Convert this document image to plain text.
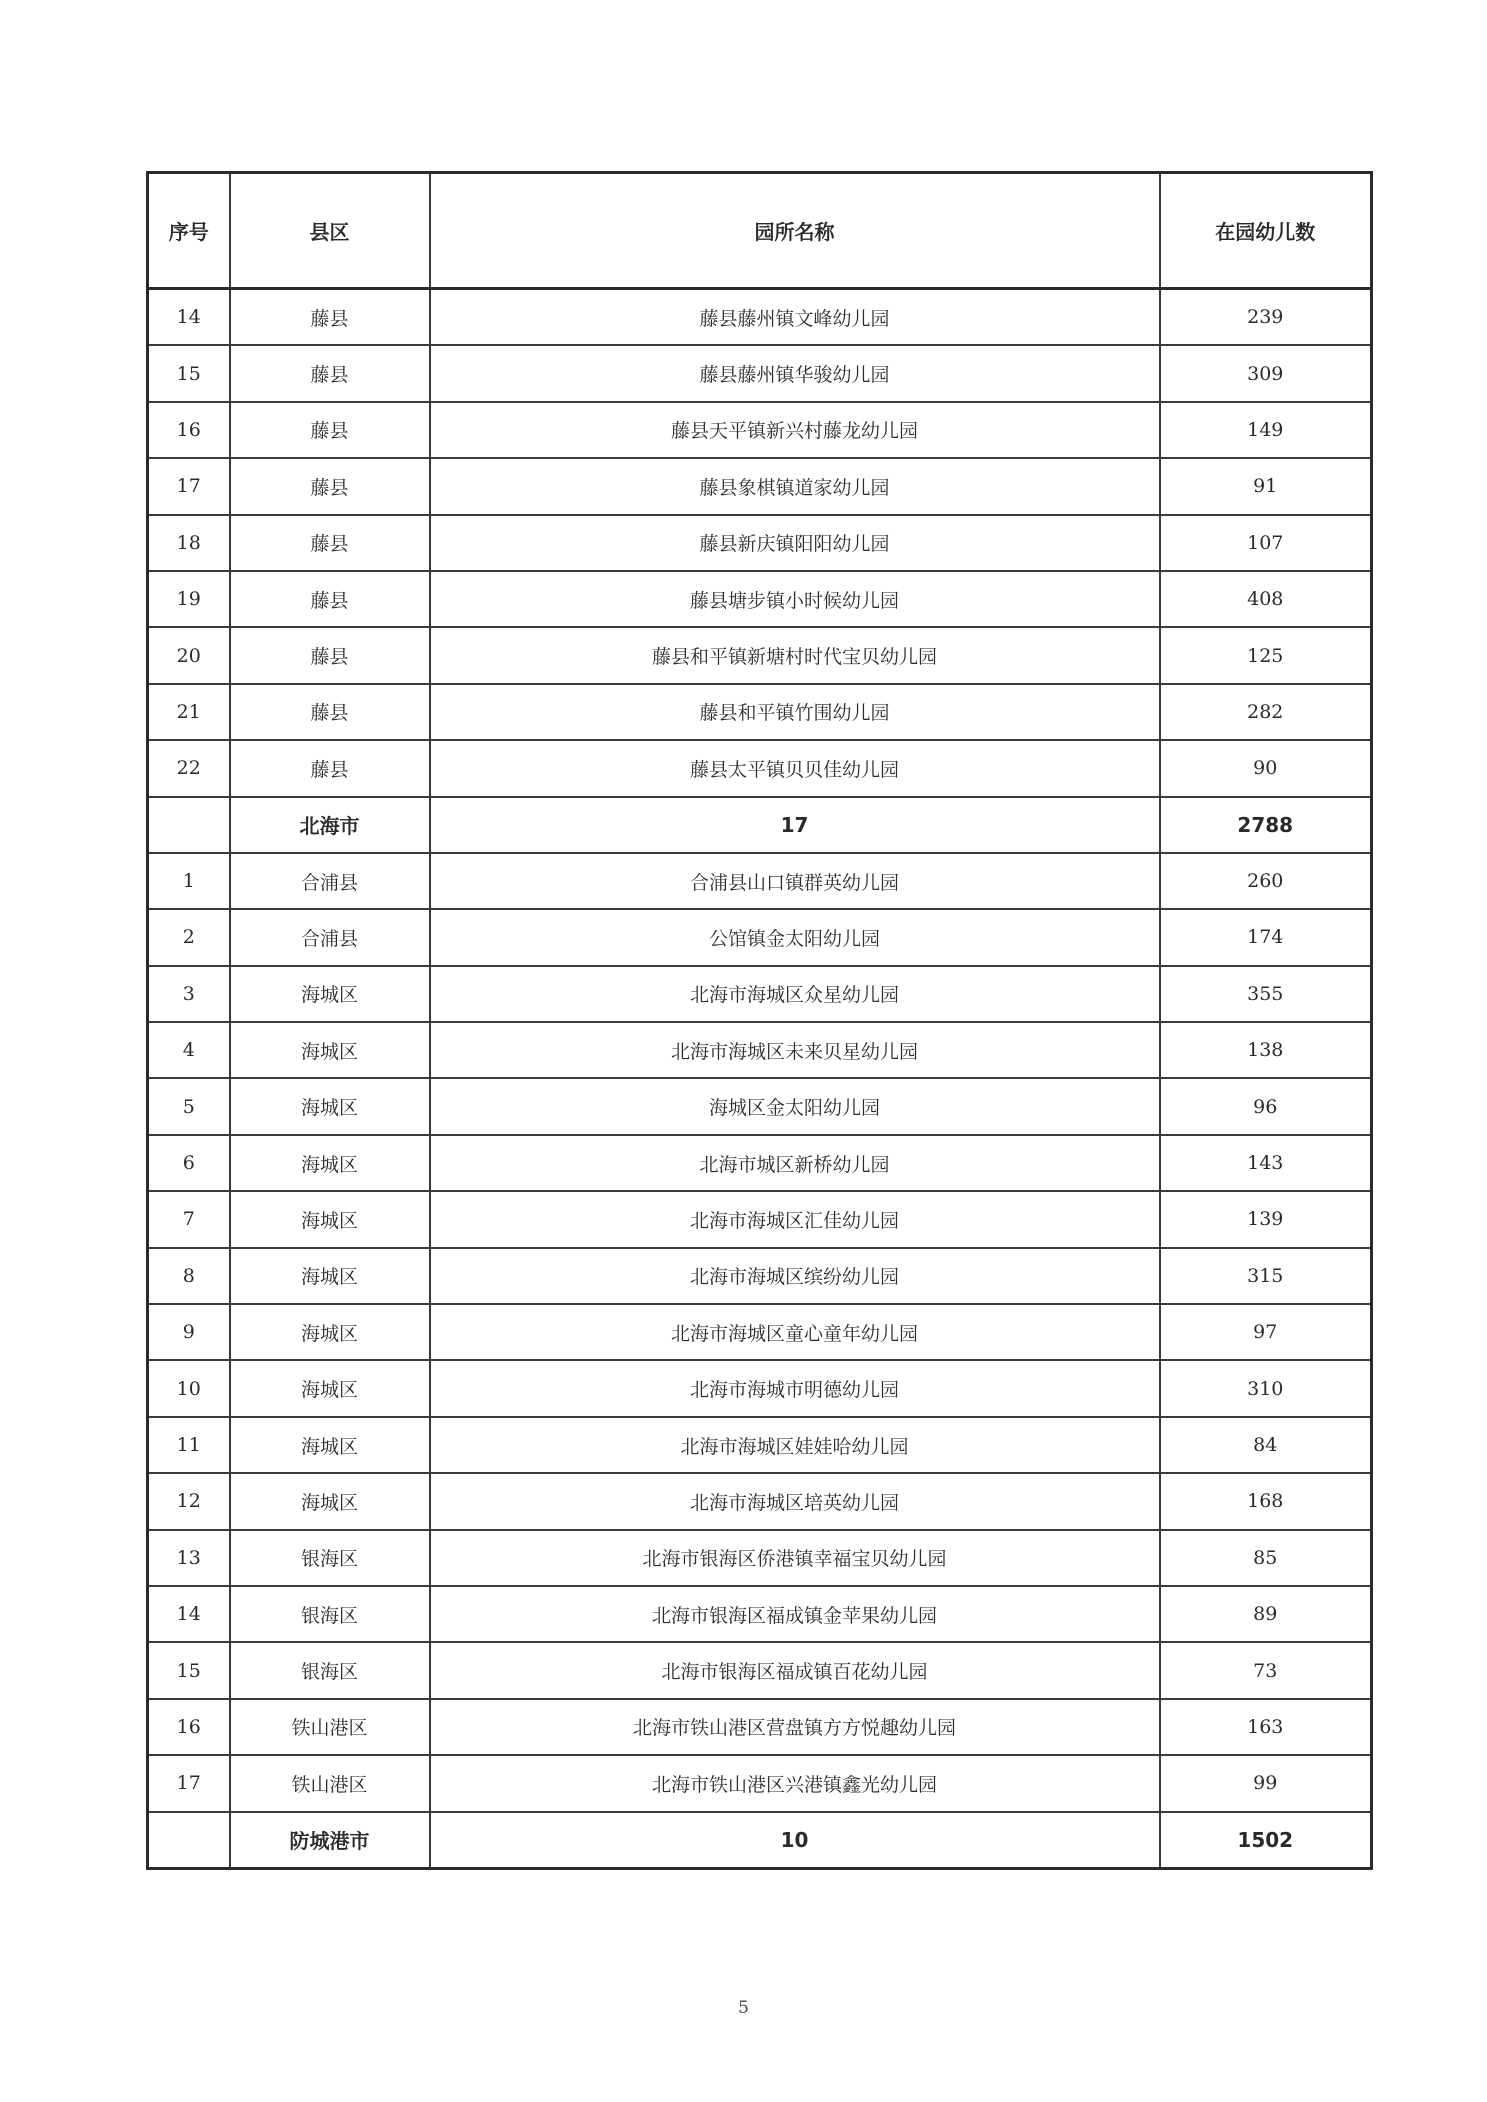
序号	县区	园所名称	在园幼儿数
14	藤县	藤县藤州镇文峰幼儿园	239
15	藤县	藤县藤州镇华骏幼儿园	309
16	藤县	藤县天平镇新兴村藤龙幼儿园	149
17	藤县	藤县象棋镇道家幼儿园	91
18	藤县	藤县新庆镇阳阳幼儿园	107
19	藤县	藤县塘步镇小时候幼儿园	408
20	藤县	藤县和平镇新塘村时代宝贝幼儿园	125
21	藤县	藤县和平镇竹围幼儿园	282
22	藤县	藤县太平镇贝贝佳幼儿园	90
	北海市	17	2788
1	合浦县	合浦县山口镇群英幼儿园	260
2	合浦县	公馆镇金太阳幼儿园	174
3	海城区	北海市海城区众星幼儿园	355
4	海城区	北海市海城区未来贝星幼儿园	138
5	海城区	海城区金太阳幼儿园	96
6	海城区	北海市城区新桥幼儿园	143
7	海城区	北海市海城区汇佳幼儿园	139
8	海城区	北海市海城区缤纷幼儿园	315
9	海城区	北海市海城区童心童年幼儿园	97
10	海城区	北海市海城市明德幼儿园	310
11	海城区	北海市海城区娃娃哈幼儿园	84
12	海城区	北海市海城区培英幼儿园	168
13	银海区	北海市银海区侨港镇幸福宝贝幼儿园	85
14	银海区	北海市银海区福成镇金苹果幼儿园	89
15	银海区	北海市银海区福成镇百花幼儿园	73
16	铁山港区	北海市铁山港区营盘镇方方悦趣幼儿园	163
17	铁山港区	北海市铁山港区兴港镇鑫光幼儿园	99
	防城港市	10	1502
5
